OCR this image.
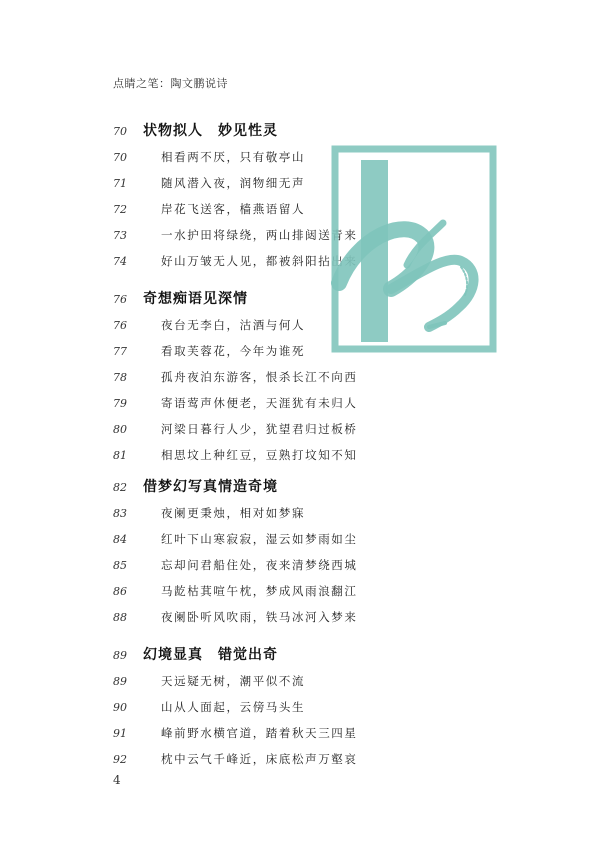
点睛之笔：陶文鹏说诗
70 状物拟人　妙见性灵
70	相看两不厌，只有敬亭山
71	随风潜入夜，润物细无声
72	岸花飞送客，樯燕语留人
73	一水护田将绿绕，两山排闼送青来
74	好山万皱无人见，都被斜阳拈出来
76 奇想痴语见深情
76	夜台无李白，沽酒与何人
77	看取芙蓉花，今年为谁死
78	孤舟夜泊东游客，恨杀长江不向西
79	寄语莺声休便老，天涯犹有未归人
80	河梁日暮行人少，犹望君归过板桥
81	相思坟上种红豆，豆熟打坟知不知
82 借梦幻写真情造奇境
83	夜阑更秉烛，相对如梦寐
84	红叶下山寒寂寂，湿云如梦雨如尘
85	忘却问君船住处，夜来清梦绕西城
86	马龁枯萁喧午枕，梦成风雨浪翻江
88	夜阑卧听风吹雨，铁马冰河入梦来
89 幻境显真　错觉出奇
89	天远疑无树，潮平似不流
90	山从人面起，云傍马头生
91	峰前野水横官道，踏着秋天三四星
92	枕中云气千峰近，床底松声万壑哀
4
